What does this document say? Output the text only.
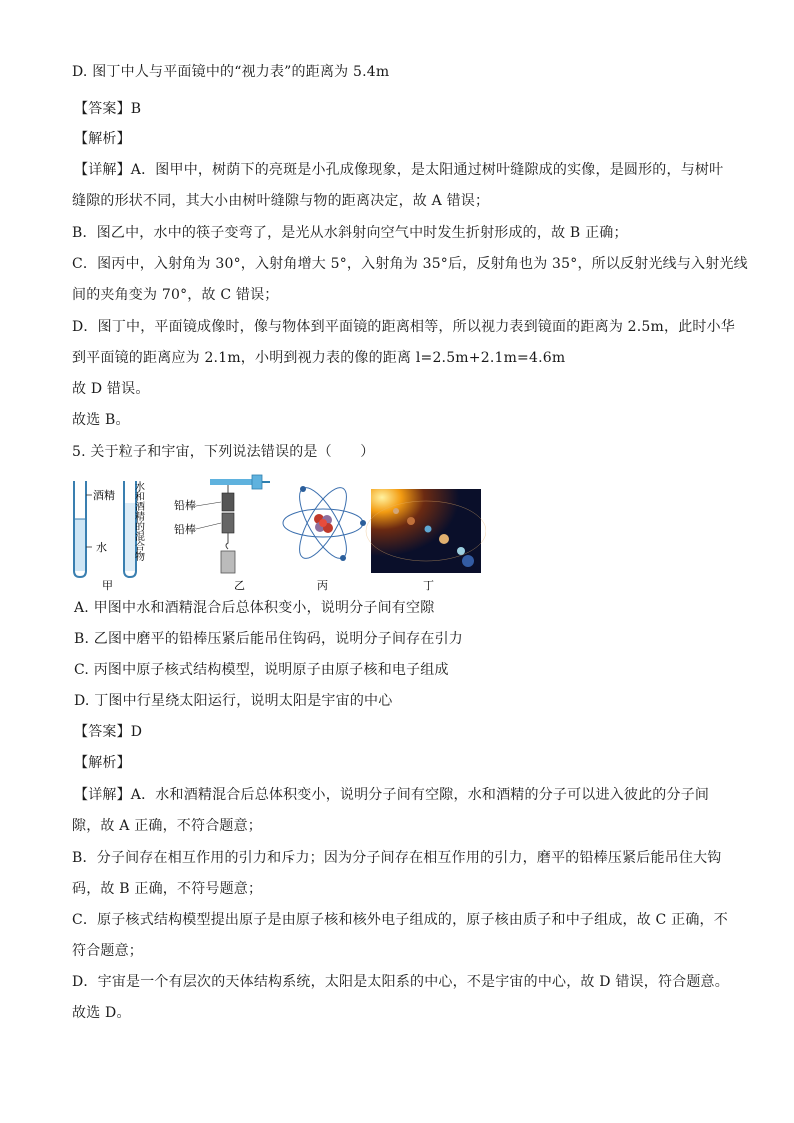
D. 图丁中人与平面镜中的“视力表”的距离为 5.4m
【答案】B
【解析】
【详解】A．图甲中，树荫下的亮斑是小孔成像现象，是太阳通过树叶缝隙成的实像，是圆形的，与树叶
缝隙的形状不同，其大小由树叶缝隙与物的距离决定，故 A 错误；
B．图乙中，水中的筷子变弯了，是光从水斜射向空气中时发生折射形成的，故 B 正确；
C．图丙中，入射角为 30°，入射角增大 5°，入射角为 35°后，反射角也为 35°，所以反射光线与入射光线
间的夹角变为 70°，故 C 错误；
D．图丁中，平面镜成像时，像与物体到平面镜的距离相等，所以视力表到镜面的距离为 2.5m，此时小华
到平面镜的距离应为 2.1m，小明到视力表的像的距离 l=2.5m+2.1m=4.6m
故 D 错误。
故选 B。
5. 关于粒子和宇宙，下列说法错误的是（　　）
酒精
水	水和酒精的混合物
甲
铅棒
铅棒
乙	丙	丁
A. 甲图中水和酒精混合后总体积变小，说明分子间有空隙
B. 乙图中磨平的铅棒压紧后能吊住钩码，说明分子间存在引力
C. 丙图中原子核式结构模型，说明原子由原子核和电子组成
D. 丁图中行星绕太阳运行，说明太阳是宇宙的中心
【答案】D
【解析】
【详解】A．水和酒精混合后总体积变小，说明分子间有空隙，水和酒精的分子可以进入彼此的分子间
隙，故 A 正确，不符合题意；
B．分子间存在相互作用的引力和斥力；因为分子间存在相互作用的引力，磨平的铅棒压紧后能吊住大钩
码，故 B 正确，不符号题意；
C．原子核式结构模型提出原子是由原子核和核外电子组成的，原子核由质子和中子组成，故 C 正确，不
符合题意；
D．宇宙是一个有层次的天体结构系统，太阳是太阳系的中心，不是宇宙的中心，故 D 错误，符合题意。
故选 D。
